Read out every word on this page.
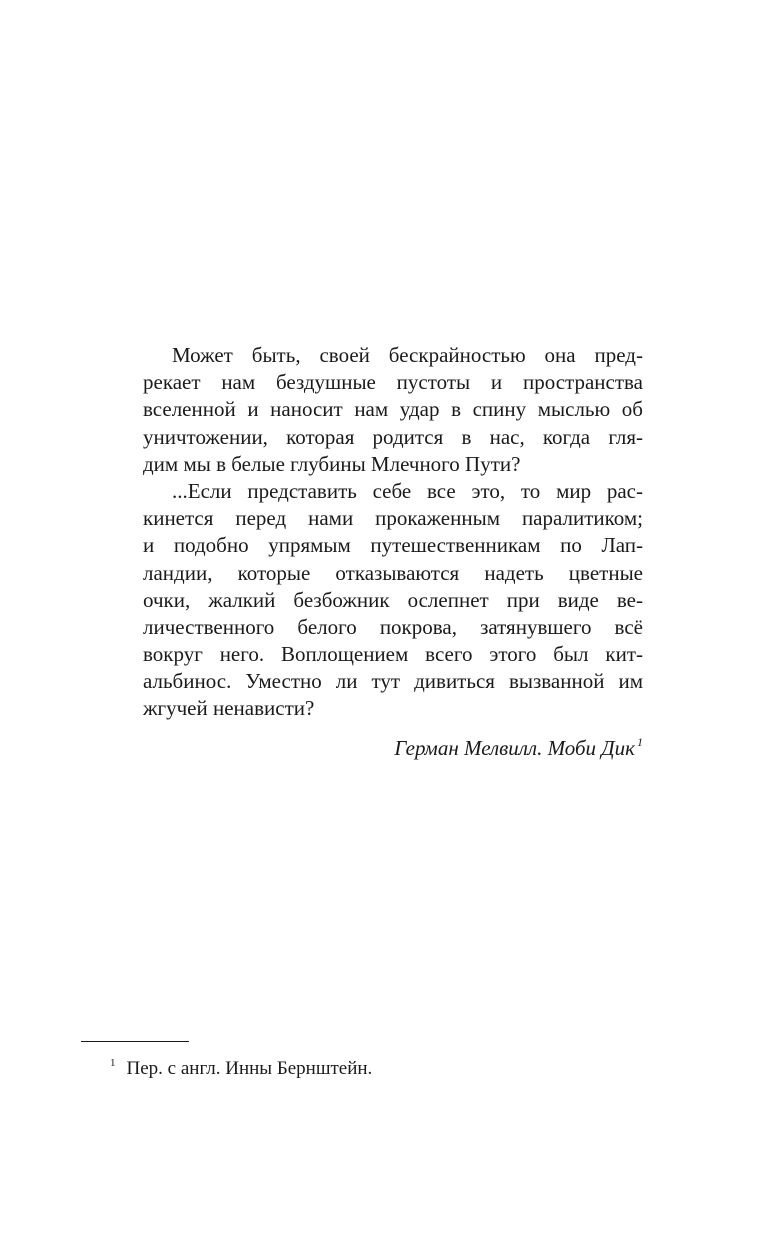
Может быть, своей бескрайностью она пред-
рекает нам бездушные пустоты и пространства
вселенной и наносит нам удар в спину мыслью об
уничтожении, которая родится в нас, когда гля-
дим мы в белые глубины Млечного Пути?
...Если представить себе все это, то мир рас-
кинется перед нами прокаженным паралитиком;
и подобно упрямым путешественникам по Лап-
ландии, которые отказываются надеть цветные
очки, жалкий безбожник ослепнет при виде ве-
личественного белого покрова, затянувшего всё
вокруг него. Воплощением всего этого был кит-
альбинос. Уместно ли тут дивиться вызванной им
жгучей ненависти?
Герман Мелвилл. Моби Дик $^1$
$^1$ Пер. с англ. Инны Бернштейн.
